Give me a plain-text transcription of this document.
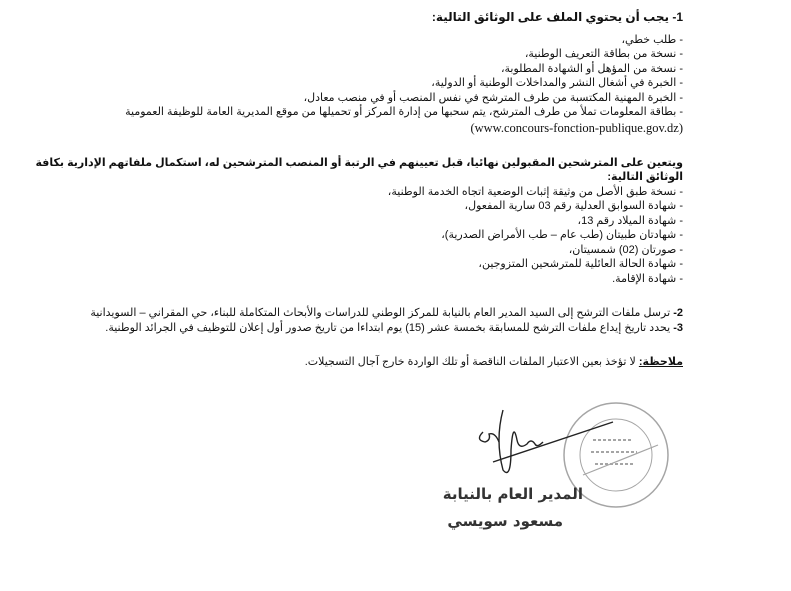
1- يجب أن يحتوي الملف على الوثائق التالية:
- طلب خطي،
- نسخة من بطاقة التعريف الوطنية،
- نسخة من المؤهل أو الشهادة المطلوبة،
- الخبرة في أشغال النشر والمداخلات الوطنية أو الدولية،
- الخبرة المهنية المكتسبة من طرف المترشح في نفس المنصب أو في منصب معادل،
- بطاقة المعلومات تملأ من طرف المترشح، يتم سحبها من إدارة المركز أو تحميلها من موقع المديرية العامة للوظيفة العمومية
(www.concours-fonction-publique.gov.dz)
ويتعين على المترشحين المقبولين نهائيا، قبل تعيينهم في الرتبة أو المنصب المترشحين له، استكمال ملفاتهم الإدارية بكافة الوثائق التالية:
- نسخة طبق الأصل من وثيقة إثبات الوضعية اتجاه الخدمة الوطنية،
- شهادة السوابق العدلية رقم 03 سارية المفعول،
- شهادة الميلاد رقم 13،
- شهادتان طبيتان (طب عام – طب الأمراض الصدرية)،
- صورتان (02) شمسيتان،
- شهادة الحالة العائلية للمترشحين المتزوجين،
- شهادة الإقامة.
2- ترسل ملفات الترشح إلى السيد المدير العام بالنيابة للمركز الوطني للدراسات والأبحاث المتكاملة للبناء، حي المقراني – السويدانية
3- يحدد تاريخ إيداع ملفات الترشح للمسابقة بخمسة عشر (15) يوم ابتداءا من تاريخ صدور أول إعلان للتوظيف في الجرائد الوطنية.
ملاحظة: لا تؤخذ بعين الاعتبار الملفات الناقصة أو تلك الواردة خارج آجال التسجيلات.
المدير العام بالنيابة
مسعود سويسي
